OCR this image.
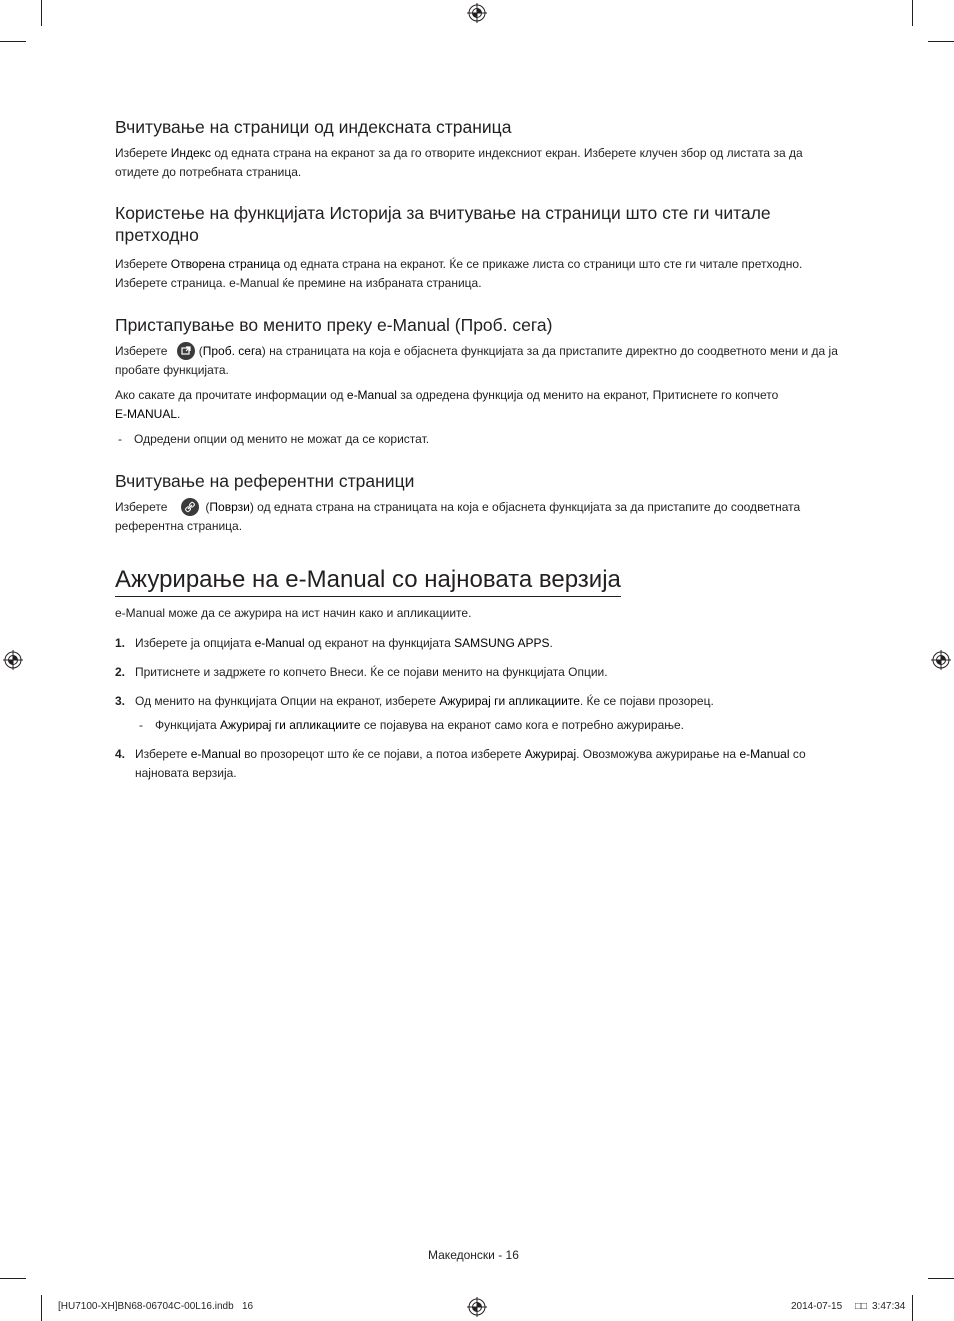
Вчитување на страници од индексната страница

Изберете Индекс од едната страна на екранот за да го отворите индексниот екран. Изберете клучен збор од листата за да
отидете до потребната страница.

Користење на функцијата Историја за вчитување на страници што сте ги читале
претходно

Изберете Отворена страница од едната страна на екранот. Ќе се прикаже листа со страници што сте ги читале претходно.
Изберете страница. e-Manual ќе премине на избраната страница.

Пристапување во менито преку e-Manual (Проб. сега)

Изберете	(Проб. сега) на страницата на која е објаснета функцијата за да пристапите директно до соодветното мени и да ја
пробате функцијата.

Ако сакате да прочитате информации од e-Manual за одредена функција од менито на екранот, Притиснете го копчето
E-MANUAL.

- Одредени опции од менито не можат да се користат.

Вчитување на референтни страници

Изберете	(Поврзи) од едната страна на страницата на која е објаснета функцијата за да пристапите до соодветната
референтна страница.

Ажурирање на e-Manual со најновата верзија

e-Manual може да се ажурира на ист начин како и апликациите.

1. Изберете ја опцијата e-Manual од екранот на функцијата SAMSUNG APPS.

2. Притиснете и задржете го копчето Внеси. Ќе се појави менито на функцијата Опции.

3. Од менито на функцијата Опции на екранот, изберете Ажурирај ги апликациите. Ќе се појави прозорец.

- Функцијата Ажурирај ги апликациите се појавува на екранот само кога е потребно ажурирање.

4. Изберете e-Manual во прозорецот што ќе се појави, а потоа изберете Ажурирај. Овозможува ажурирање на e-Manual со
најновата верзија.

Македонски - 16
[HU7100-XH]BN68-06704C-00L16.indb   16	2014-07-15 □□ 3:47:34
